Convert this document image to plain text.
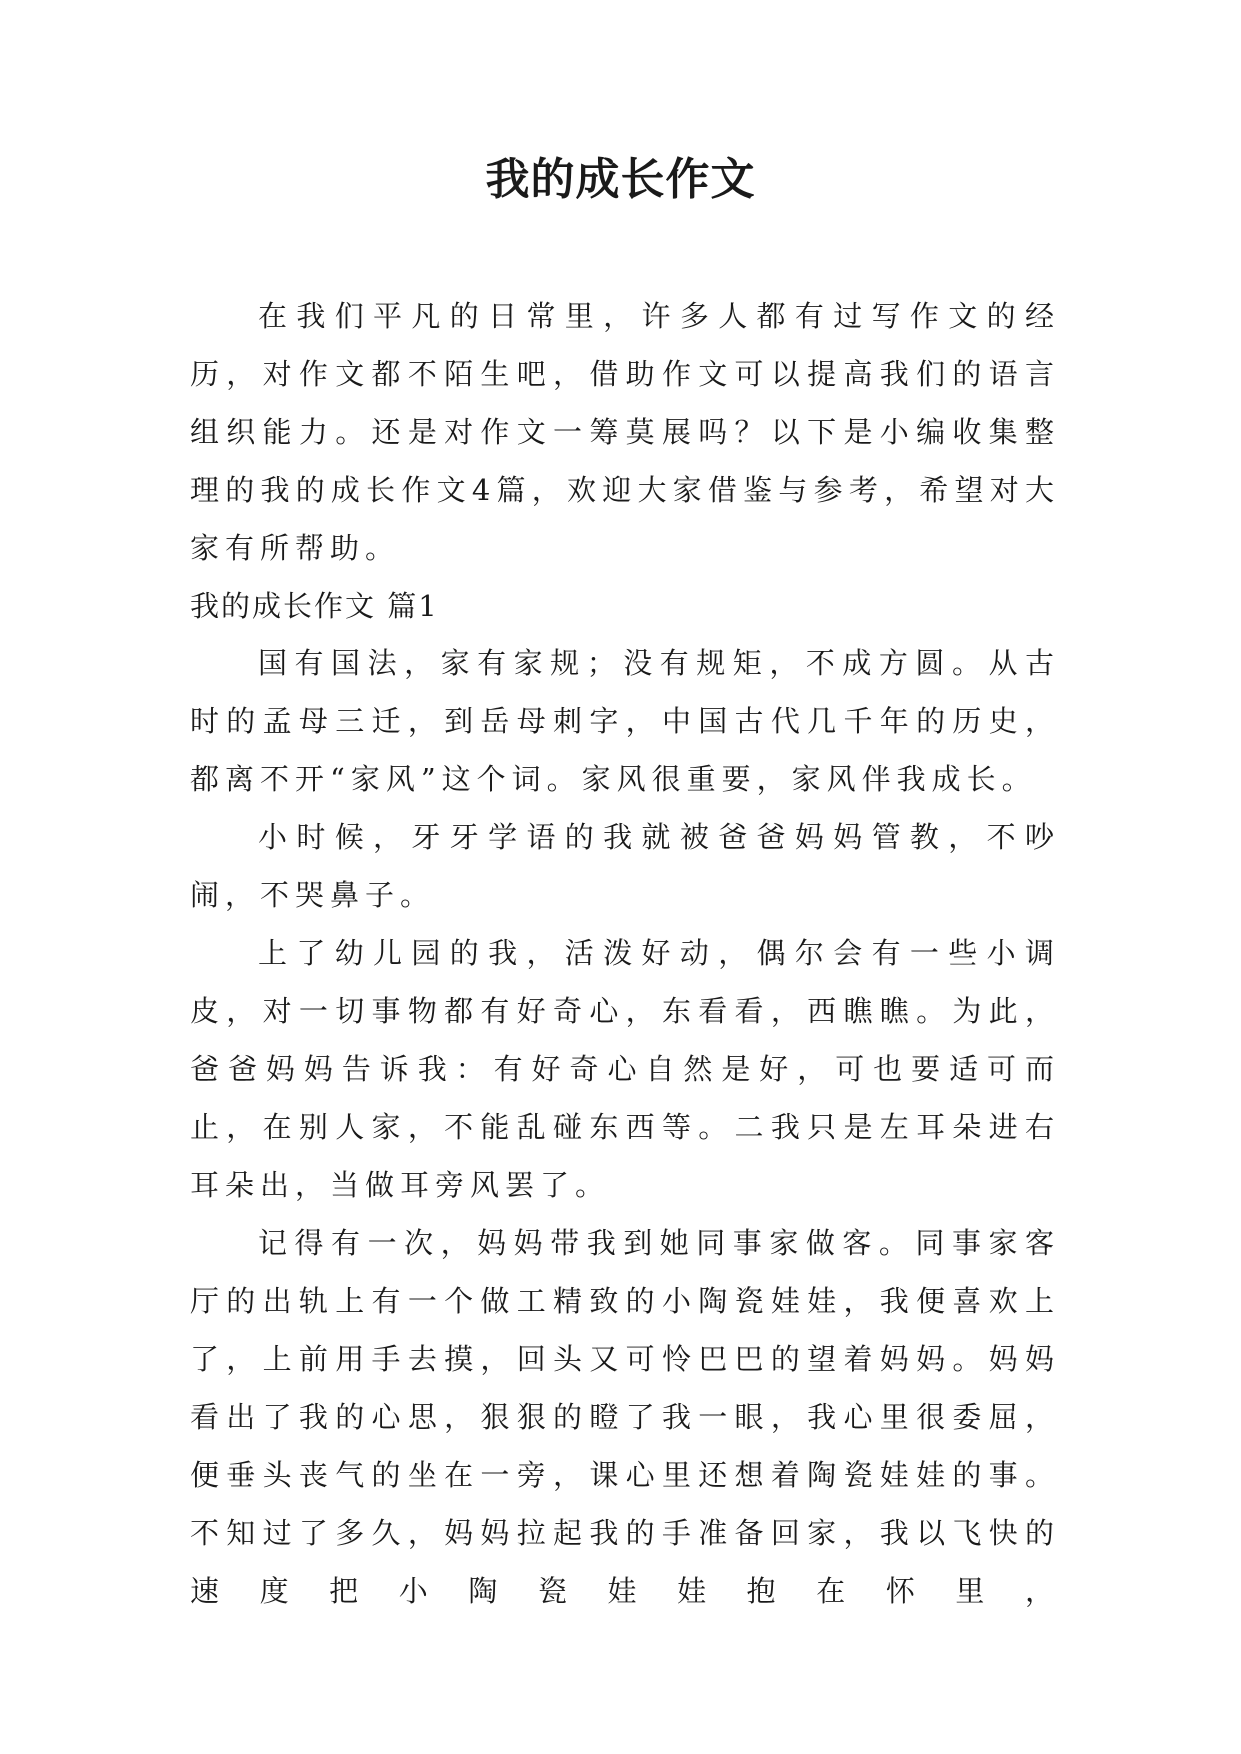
我的成长作文

在我们平凡的日常里，许多人都有过写作文的经历，对作文都不陌生吧，借助作文可以提高我们的语言组织能力。还是对作文一筹莫展吗？以下是小编收集整理的我的成长作文4篇，欢迎大家借鉴与参考，希望对大家有所帮助。

我的成长作文 篇1

国有国法，家有家规；没有规矩，不成方圆。从古时的孟母三迁，到岳母刺字，中国古代几千年的历史，都离不开“家风”这个词。家风很重要，家风伴我成长。

小时候，牙牙学语的我就被爸爸妈妈管教，不吵闹，不哭鼻子。

上了幼儿园的我，活泼好动，偶尔会有一些小调皮，对一切事物都有好奇心，东看看，西瞧瞧。为此，爸爸妈妈告诉我：有好奇心自然是好，可也要适可而止，在别人家，不能乱碰东西等。二我只是左耳朵进右耳朵出，当做耳旁风罢了。

记得有一次，妈妈带我到她同事家做客。同事家客厅的出轨上有一个做工精致的小陶瓷娃娃，我便喜欢上了，上前用手去摸，回头又可怜巴巴的望着妈妈。妈妈看出了我的心思，狠狠的瞪了我一眼，我心里很委屈，便垂头丧气的坐在一旁，课心里还想着陶瓷娃娃的事。不知过了多久，妈妈拉起我的手准备回家，我以飞快的速度把小陶瓷娃娃抱在怀里，
